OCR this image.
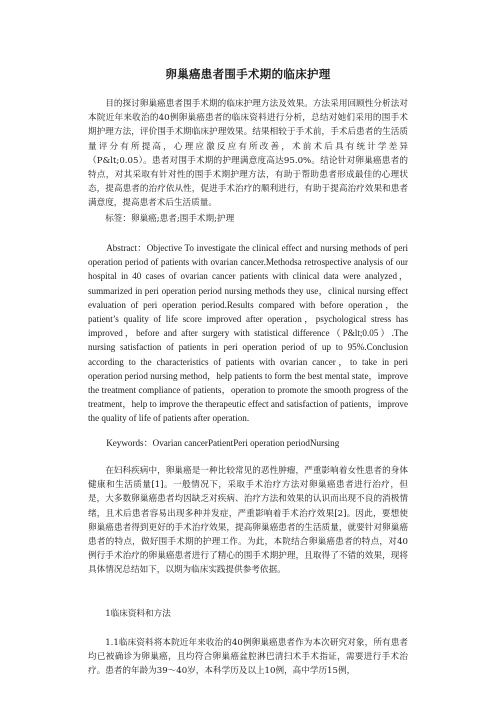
卵巢癌患者围手术期的临床护理
目的探讨卵巢癌患者围手术期的临床护理方法及效果。方法采用回顾性分析法对本院近年来收治的40例卵巢癌患者的临床资料进行分析，总结对她们采用的围手术期护理方法，评价围手术期临床护理效果。结果相较于手术前，手术后患者的生活质量评分有所提高，心理应激反应有所改善，术前术后具有统计学差异（P&lt;0.05）。患者对围手术期的护理满意度高达95.0%。结论针对卵巢癌患者的特点，对其采取有针对性的围手术期护理方法，有助于帮助患者形成最佳的心理状态，提高患者的治疗依从性，促进手术治疗的顺利进行，有助于提高治疗效果和患者满意度，提高患者术后生活质量。
标签：卵巢癌;患者;围手术期;护理
Abstract：Objective To investigate the clinical effect and nursing methods of peri operation period of patients with ovarian cancer.Methodsa retrospective analysis of our hospital in 40 cases of ovarian cancer patients with clinical data were analyzed，summarized in peri operation period nursing methods they use，clinical nursing effect evaluation of peri operation period.Results compared with before operation，the patient’s quality of life score improved after operation，psychological stress has improved，before and after surgery with statistical difference（P&lt;0.05）.The nursing satisfaction of patients in peri operation period of up to 95%.Conclusion according to the characteristics of patients with ovarian cancer，to take in peri operation period nursing method，help patients to form the best mental state，improve the treatment compliance of patients，operation to promote the smooth progress of the treatment，help to improve the therapeutic effect and satisfaction of patients，improve the quality of life of patients after operation.
Keywords：Ovarian cancerPatientPeri operation periodNursing
在妇科疾病中，卵巢癌是一种比较常见的恶性肿瘤，严重影响着女性患者的身体健康和生活质量[1]。一般情况下，采取手术治疗方法对卵巢癌患者进行治疗，但是，大多数卵巢癌患者均因缺乏对疾病、治疗方法和效果的认识而出现不良的消极情绪，且术后患者容易出现多种并发症，严重影响着手术治疗效果[2]。因此，要想使卵巢癌患者得到更好的手术治疗效果，提高卵巢癌患者的生活质量，就要针对卵巢癌患者的特点，做好围手术期的护理工作。为此，本院结合卵巢癌患者的特点，对40例行手术治疗的卵巢癌患者进行了精心的围手术期护理，且取得了不错的效果，现将具体情况总结如下，以期为临床实践提供参考依据。
1临床资料和方法
1.1临床资料将本院近年来收治的40例卵巢癌患者作为本次研究对象，所有患者均已被确诊为卵巢癌，且均符合卵巢癌盆腔淋巴清扫术手术指证，需要进行手术治疗。患者的年龄为39～40岁，本科学历及以上10例，高中学历15例，
